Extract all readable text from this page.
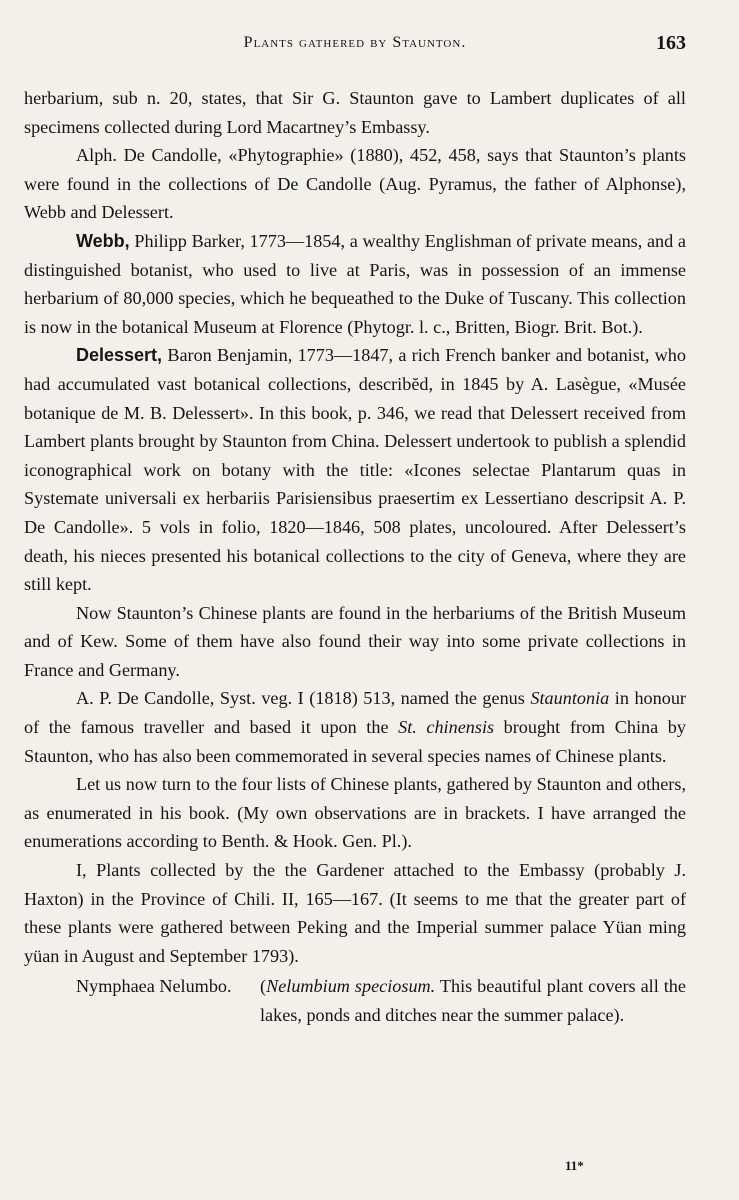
Plants gathered by Staunton.	163

herbarium, sub n. 20, states, that Sir G. Staunton gave to Lambert duplicates of all specimens collected during Lord Macartney’s Embassy.

Alph. De Candolle, «Phytographie» (1880), 452, 458, says that Staunton’s plants were found in the collections of De Candolle (Aug. Pyramus, the father of Alphonse), Webb and Delessert.

Webb, Philipp Barker, 1773—1854, a wealthy Englishman of private means, and a distinguished botanist, who used to live at Paris, was in possession of an immense herbarium of 80,000 species, which he bequeathed to the Duke of Tuscany. This collection is now in the botanical Museum at Florence (Phytogr. l. c., Britten, Biogr. Brit. Bot.).

Delessert, Baron Benjamin, 1773—1847, a rich French banker and botanist, who had accumulated vast botanical collections, describĕd, in 1845 by A. Lasègue, «Musée botanique de M. B. Delessert». In this book, p. 346, we read that Delessert received from Lambert plants brought by Staunton from China. Delessert undertook to publish a splendid iconographical work on botany with the title: «Icones selectae Plantarum quas in Systemate universali ex herbariis Parisiensibus praesertim ex Lessertiano descripsit A. P. De Candolle». 5 vols in folio, 1820—1846, 508 plates, uncoloured. After Delessert’s death, his nieces presented his botanical collections to the city of Geneva, where they are still kept.

Now Staunton’s Chinese plants are found in the herbariums of the British Museum and of Kew. Some of them have also found their way into some private collections in France and Germany.

A. P. De Candolle, Syst. veg. I (1818) 513, named the genus Stauntonia in honour of the famous traveller and based it upon the St. chinensis brought from China by Staunton, who has also been commemorated in several species names of Chinese plants.

Let us now turn to the four lists of Chinese plants, gathered by Staunton and others, as enumerated in his book. (My own observations are in brackets. I have arranged the enumerations according to Benth. & Hook. Gen. Pl.).

I, Plants collected by the the Gardener attached to the Embassy (probably J. Haxton) in the Province of Chili. II, 165—167. (It seems to me that the greater part of these plants were gathered between Peking and the Imperial summer palace Yüan ming yüan in August and September 1793).

Nymphaea Nelumbo.	(Nelumbium speciosum. This beautiful plant covers all the lakes, ponds and ditches near the summer palace).
11*
